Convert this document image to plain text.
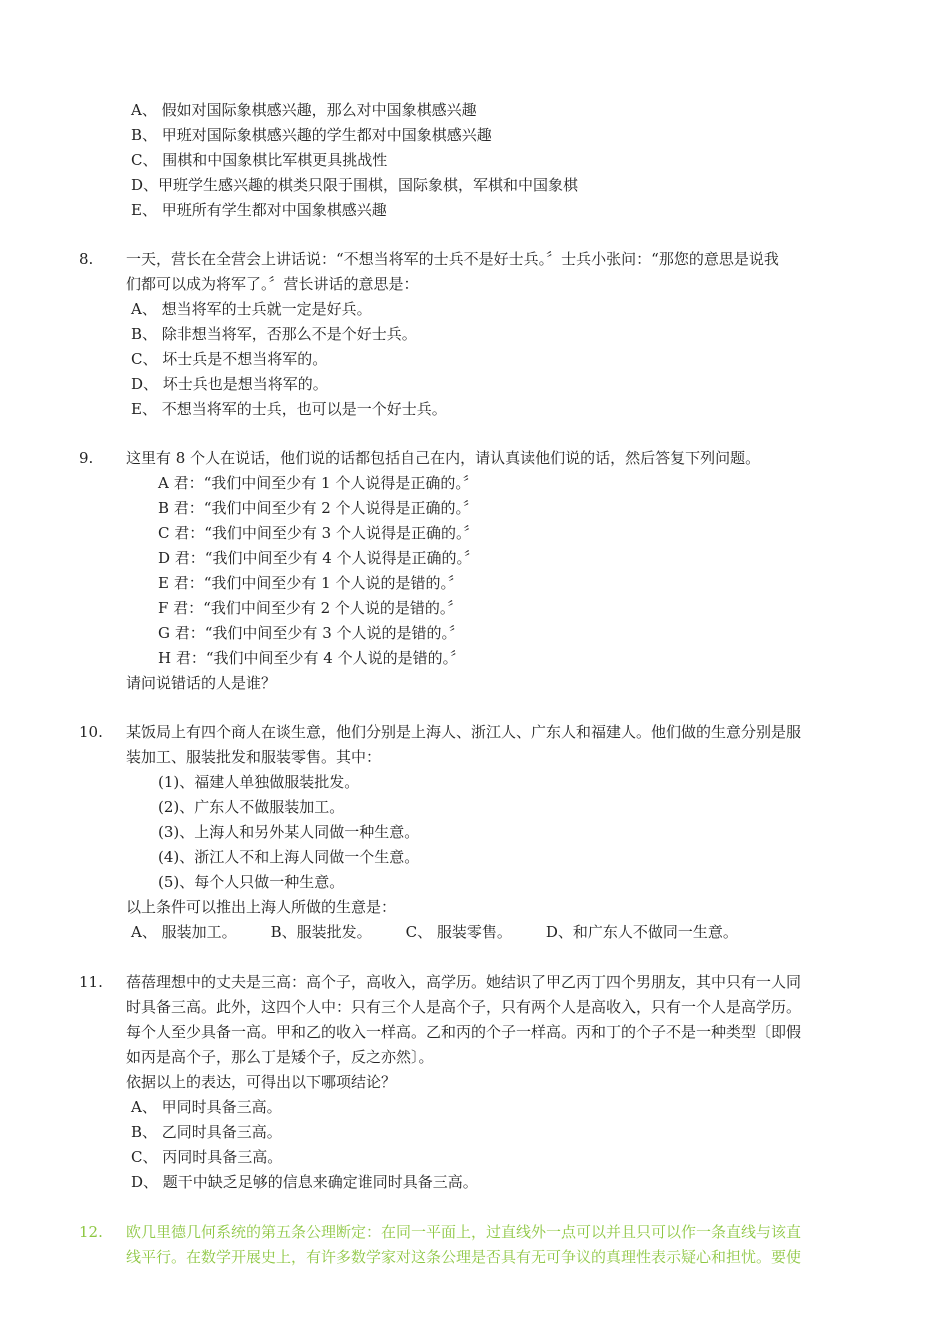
A、 假如对国际象棋感兴趣，那么对中国象棋感兴趣
B、 甲班对国际象棋感兴趣的学生都对中国象棋感兴趣
C、 围棋和中国象棋比军棋更具挑战性
D、甲班学生感兴趣的棋类只限于围棋，国际象棋，军棋和中国象棋
E、 甲班所有学生都对中国象棋感兴趣
8. 一天，营长在全营会上讲话说：“不想当将军的士兵不是好士兵。〞士兵小张问：“那您的意思是说我
们都可以成为将军了。〞营长讲话的意思是：
A、 想当将军的士兵就一定是好兵。
B、 除非想当将军，否那么不是个好士兵。
C、 坏士兵是不想当将军的。
D、 坏士兵也是想当将军的。
E、 不想当将军的士兵，也可以是一个好士兵。
9. 这里有 8 个人在说话，他们说的话都包括自己在内，请认真读他们说的话，然后答复下列问题。
A 君：“我们中间至少有 1 个人说得是正确的。〞
B 君：“我们中间至少有 2 个人说得是正确的。〞
C 君：“我们中间至少有 3 个人说得是正确的。〞
D 君：“我们中间至少有 4 个人说得是正确的。〞
E 君：“我们中间至少有 1 个人说的是错的。〞
F 君：“我们中间至少有 2 个人说的是错的。〞
G 君：“我们中间至少有 3 个人说的是错的。〞
H 君：“我们中间至少有 4 个人说的是错的。〞
请问说错话的人是谁？
10. 某饭局上有四个商人在谈生意，他们分别是上海人、浙江人、广东人和福建人。他们做的生意分别是服
装加工、服装批发和服装零售。其中：
(1)、福建人单独做服装批发。
(2)、广东人不做服装加工。
(3)、上海人和另外某人同做一种生意。
(4)、浙江人不和上海人同做一个生意。
(5)、每个人只做一种生意。
以上条件可以推出上海人所做的生意是：
A、 服装加工。 B、服装批发。 C、 服装零售。 D、和广东人不做同一生意。
11. 蓓蓓理想中的丈夫是三高：高个子，高收入，高学历。她结识了甲乙丙丁四个男朋友，其中只有一人同
时具备三高。此外，这四个人中：只有三个人是高个子，只有两个人是高收入，只有一个人是高学历。
每个人至少具备一高。甲和乙的收入一样高。乙和丙的个子一样高。丙和丁的个子不是一种类型〔即假
如丙是高个子，那么丁是矮个子，反之亦然〕。
依据以上的表达，可得出以下哪项结论？
A、 甲同时具备三高。
B、 乙同时具备三高。
C、 丙同时具备三高。
D、 题干中缺乏足够的信息来确定谁同时具备三高。
12. 欧几里德几何系统的第五条公理断定：在同一平面上，过直线外一点可以并且只可以作一条直线与该直
线平行。在数学开展史上，有许多数学家对这条公理是否具有无可争议的真理性表示疑心和担忧。要使
